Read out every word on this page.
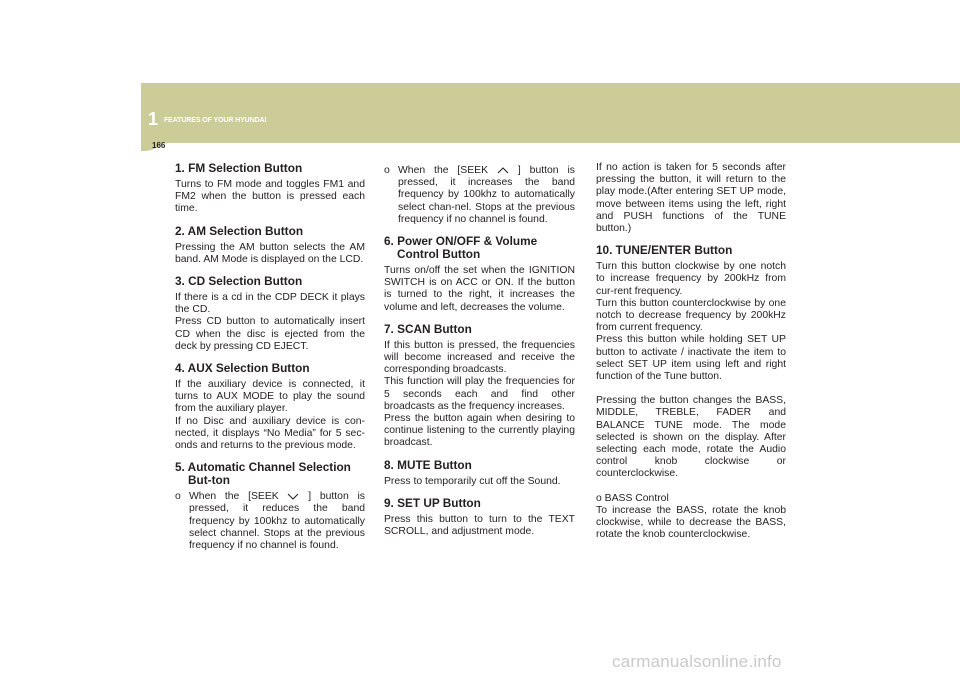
1 FEATURES OF YOUR HYUNDAI
166
1. FM Selection Button

Turns to FM mode and toggles FM1 and FM2 when the button is pressed each time.

2. AM Selection Button

Pressing the AM button selects the AM band. AM Mode is displayed on the LCD.

3. CD Selection Button

If there is a cd in the CDP DECK it plays the CD.

Press CD button to automatically insert CD when the disc is ejected from the deck by pressing CD EJECT.

4. AUX Selection Button

If the auxiliary device is connected, it turns to AUX MODE to play the sound from the auxiliary player.

If no Disc and auxiliary device is con-nected, it displays “No Media” for 5 sec-onds and returns to the previous mode.

5. Automatic Channel Selection But-ton
o When the [SEEK	] button is pressed, it reduces the band frequency by 100khz to automatically select channel. Stops at the previous frequency if no channel is found.
o When the [SEEK	] button is pressed, it increases the band frequency by 100khz to automatically select chan-nel. Stops at the previous frequency if no channel is found.
6. Power ON/OFF & Volume Control Button

Turns on/off the set when the IGNITION SWITCH is on ACC or ON. If the button is turned to the right, it increases the volume and left, decreases the volume.

7. SCAN Button

If this button is pressed, the frequencies will become increased and receive the corresponding broadcasts.

This function will play the frequencies for 5 seconds each and find other broadcasts as the frequency increases.

Press the button again when desiring to continue listening to the currently playing broadcast.

8. MUTE Button

Press to temporarily cut off the Sound.

9. SET UP Button

Press this button to turn to the TEXT SCROLL, and adjustment mode.

If no action is taken for 5 seconds after pressing the button, it will return to the play mode.(After entering SET UP mode, move between items using the left, right and PUSH functions of the TUNE button.)

10. TUNE/ENTER Button

Turn this button clockwise by one notch to increase frequency by 200kHz from cur-rent frequency.

Turn this button counterclockwise by one notch to decrease frequency by 200kHz from current frequency.

Press this button while holding SET UP button to activate / inactivate the item to select SET UP item using left and right function of the Tune button.

Pressing the button changes the BASS, MIDDLE, TREBLE, FADER and BALANCE TUNE mode. The mode selected is shown on the display. After selecting each mode, rotate the Audio control knob clockwise or counterclockwise.

o BASS Control

To increase the BASS, rotate the knob clockwise, while to decrease the BASS, rotate the knob counterclockwise.

carmanualsonline.info
